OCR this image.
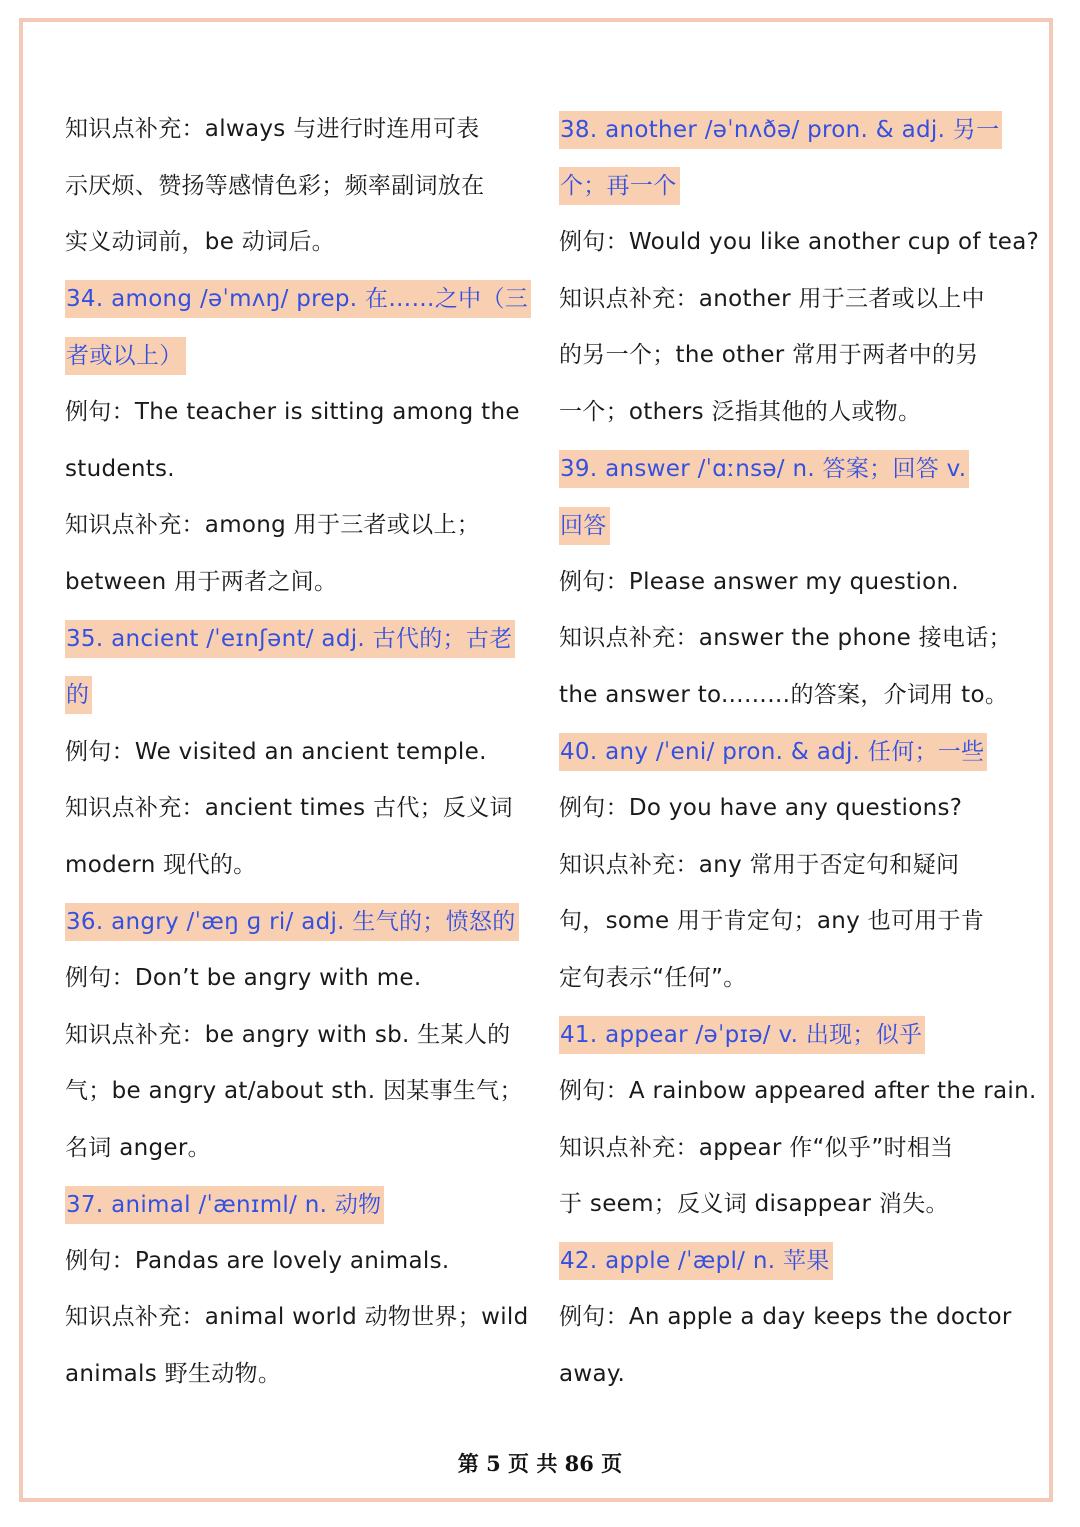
知识点补充：always 与进行时连用可表
示厌烦、赞扬等感情色彩；频率副词放在
实义动词前，be 动词后。
34. among /əˈmʌŋ/ prep. 在……之中（三
者或以上）
例句：The teacher is sitting among the
students.
知识点补充：among 用于三者或以上；
between 用于两者之间。
35. ancient /ˈeɪnʃənt/ adj. 古代的；古老
的
例句：We visited an ancient temple.
知识点补充：ancient times 古代；反义词
modern 现代的。
36. angry /ˈæŋ ɡ ri/ adj. 生气的；愤怒的
例句：Don’t be angry with me.
知识点补充：be angry with sb. 生某人的
气；be angry at/about sth. 因某事生气；
名词 anger。
37. animal /ˈænɪml/ n. 动物
例句：Pandas are lovely animals.
知识点补充：animal world 动物世界；wild
animals 野生动物。
38. another /əˈnʌðə/ pron. & adj. 另一
个；再一个
例句：Would you like another cup of tea?
知识点补充：another 用于三者或以上中
的另一个；the other 常用于两者中的另
一个；others 泛指其他的人或物。
39. answer /ˈɑːnsə/ n. 答案；回答 v.
回答
例句：Please answer my question.
知识点补充：answer the phone 接电话；
the answer to...……的答案，介词用 to。
40. any /ˈeni/ pron. & adj. 任何；一些
例句：Do you have any questions?
知识点补充：any 常用于否定句和疑问
句，some 用于肯定句；any 也可用于肯
定句表示“任何”。
41. appear /əˈpɪə/ v. 出现；似乎
例句：A rainbow appeared after the rain.
知识点补充：appear 作“似乎”时相当
于 seem；反义词 disappear 消失。
42. apple /ˈæpl/ n. 苹果
例句：An apple a day keeps the doctor
away.
第 5 页 共 86 页
